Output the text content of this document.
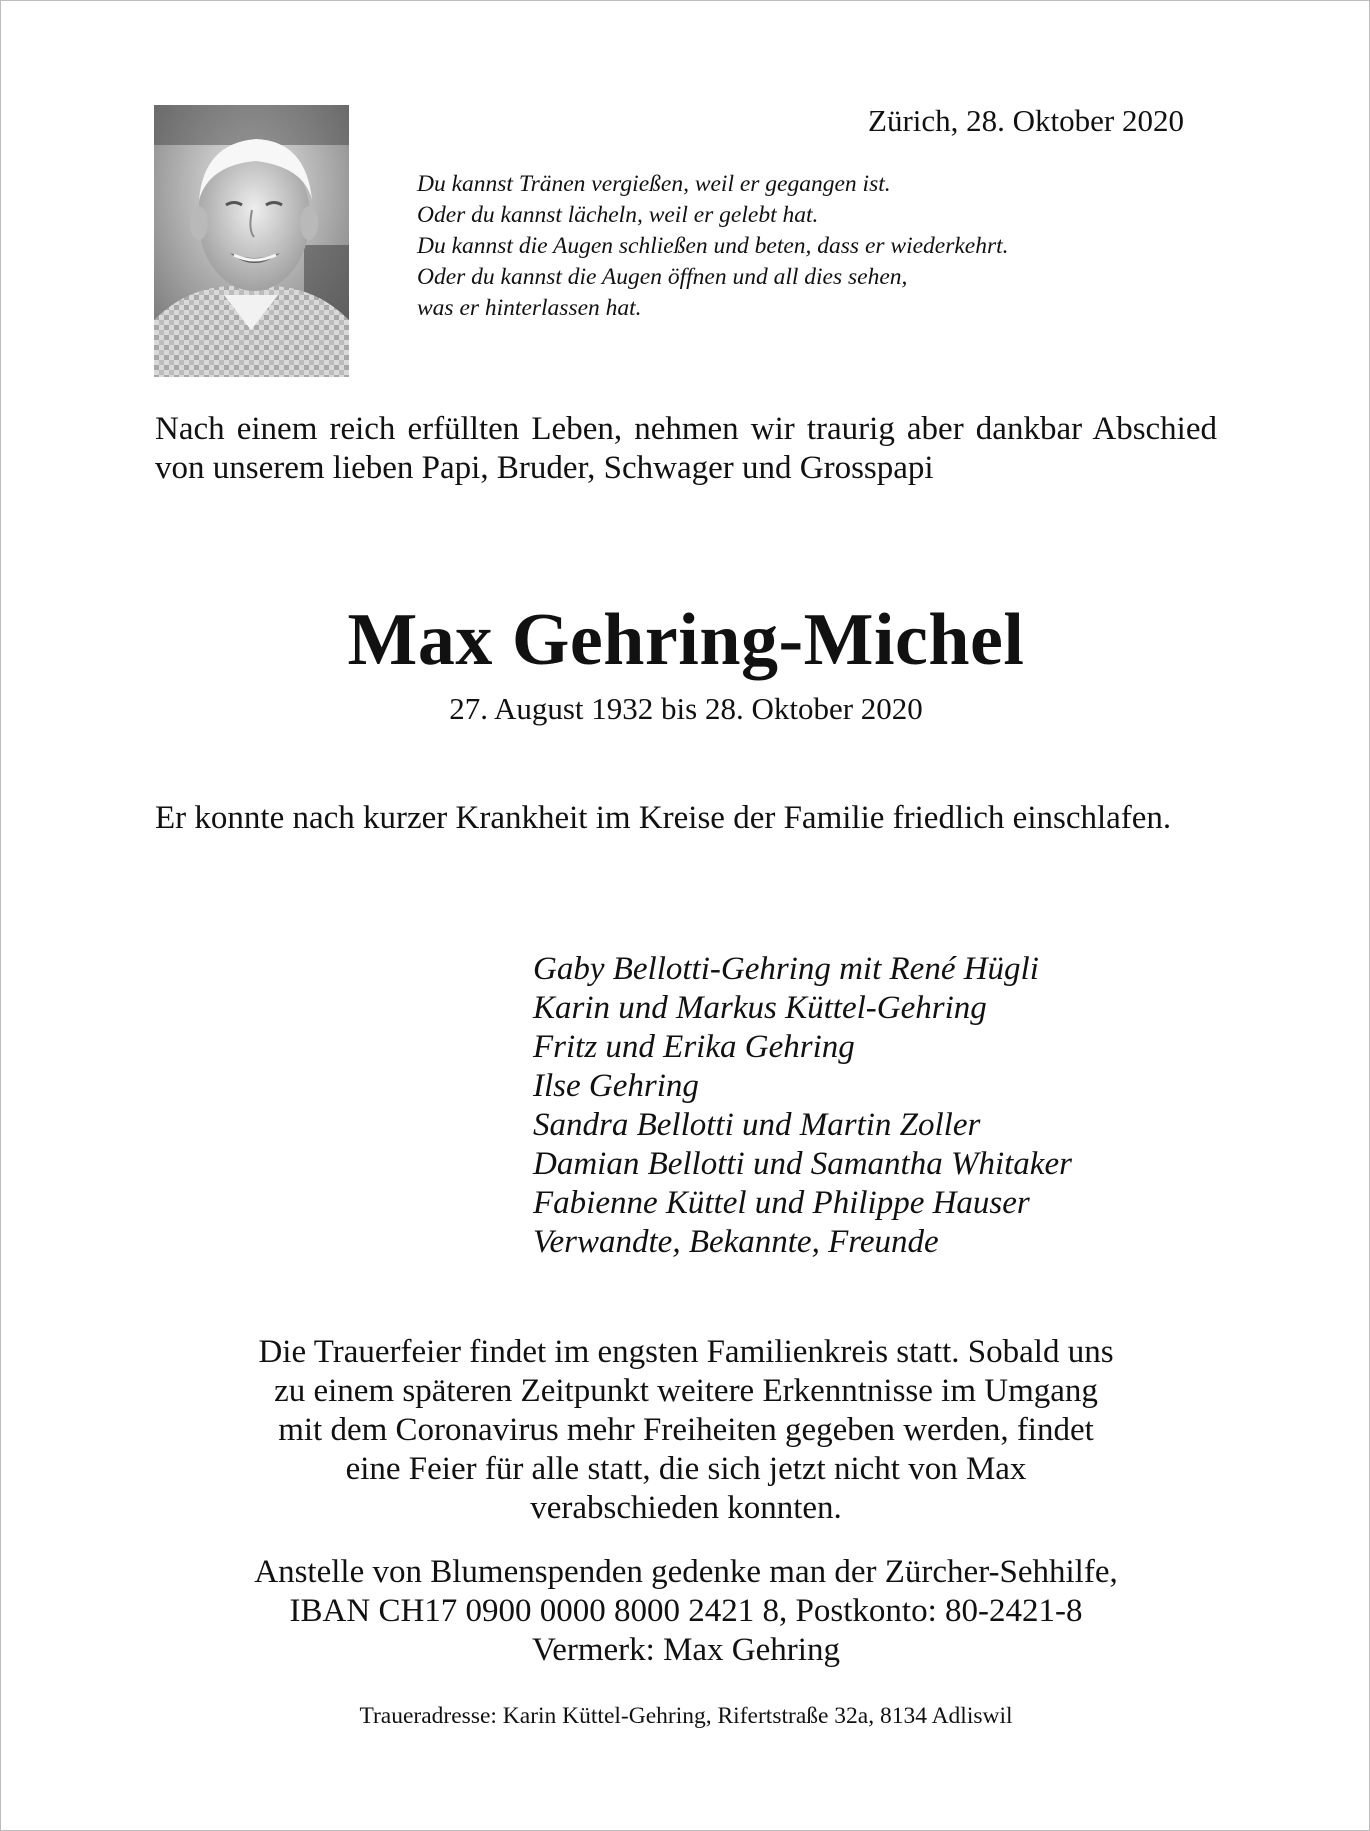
Zürich, 28. Oktober 2020
Du kannst Tränen vergießen, weil er gegangen ist.
Oder du kannst lächeln, weil er gelebt hat.
Du kannst die Augen schließen und beten, dass er wiederkehrt.
Oder du kannst die Augen öffnen und all dies sehen,
was er hinterlassen hat.
Nach einem reich erfüllten Leben, nehmen wir traurig aber dankbar Abschied von unserem lieben Papi, Bruder, Schwager und Grosspapi
Max Gehring-Michel
27. August 1932 bis 28. Oktober 2020
Er konnte nach kurzer Krankheit im Kreise der Familie friedlich einschlafen.
Gaby Bellotti-Gehring mit René Hügli
Karin und Markus Küttel-Gehring
Fritz und Erika Gehring
Ilse Gehring
Sandra Bellotti und Martin Zoller
Damian Bellotti und Samantha Whitaker
Fabienne Küttel und Philippe Hauser
Verwandte, Bekannte, Freunde
Die Trauerfeier findet im engsten Familienkreis statt. Sobald uns
zu einem späteren Zeitpunkt weitere Erkenntnisse im Umgang
mit dem Coronavirus mehr Freiheiten gegeben werden, findet
eine Feier für alle statt, die sich jetzt nicht von Max
verabschieden konnten.
Anstelle von Blumenspenden gedenke man der Zürcher-Sehhilfe,
IBAN CH17 0900 0000 8000 2421 8, Postkonto: 80-2421-8
Vermerk: Max Gehring
Traueradresse: Karin Küttel-Gehring, Rifertstraße 32a, 8134 Adliswil
